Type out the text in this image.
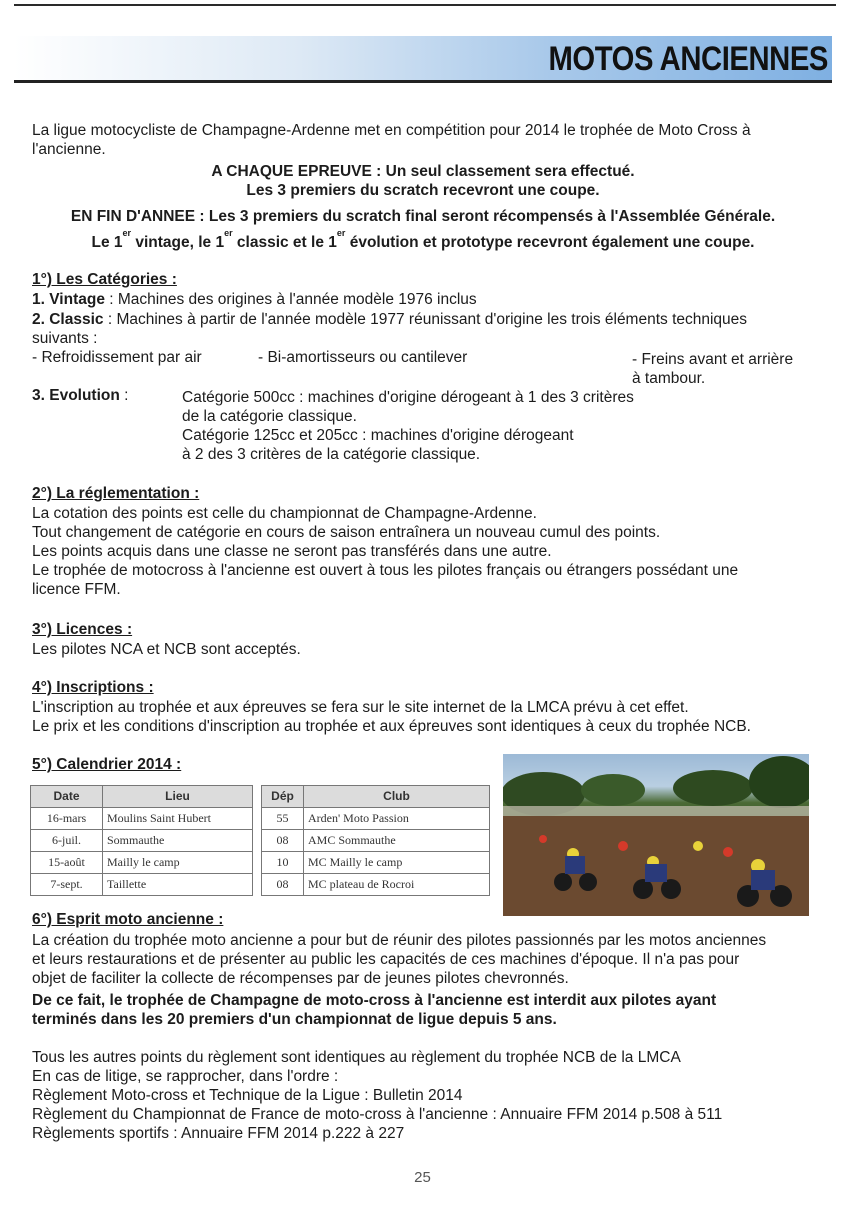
MOTOS ANCIENNES
La ligue motocycliste de Champagne-Ardenne met en compétition pour 2014 le trophée de Moto Cross à
l'ancienne.
A CHAQUE EPREUVE : Un seul classement sera effectué.
Les 3 premiers du scratch recevront une coupe.
EN FIN D'ANNEE : Les 3 premiers du scratch final seront récompensés à l'Assemblée Générale.
Le 1er vintage, le 1er classic et le 1er évolution et prototype recevront également une coupe.
1°) Les Catégories :
1. Vintage : Machines des origines à l'année modèle 1976 inclus
2. Classic : Machines à partir de l'année modèle 1977 réunissant d'origine les trois éléments techniques
suivants :
- Refroidissement par air	- Bi-amortisseurs ou cantilever	- Freins avant et arrière
à tambour.
3. Evolution :	Catégorie 500cc : machines d'origine dérogeant à 1 des 3 critères
de la catégorie classique.
Catégorie 125cc et 205cc : machines d'origine dérogeant
à 2 des 3 critères de la catégorie classique.
2°) La réglementation :
La cotation des points est celle du championnat de Champagne-Ardenne.
Tout changement de catégorie en cours de saison entraînera un nouveau cumul des points.
Les points acquis dans une classe ne seront pas transférés dans une autre.
Le trophée de motocross à l'ancienne est ouvert à tous les pilotes français ou étrangers possédant une
licence FFM.
3°) Licences :
Les pilotes NCA et NCB sont acceptés.
4°) Inscriptions :
L'inscription au trophée et aux épreuves se fera sur le site internet de la LMCA prévu à cet effet.
Le prix et les conditions d'inscription au trophée et aux épreuves sont identiques à ceux du trophée NCB.
5°) Calendrier 2014 :
Date	Lieu		Dép	Club
16-mars	Moulins Saint Hubert		55	Arden' Moto Passion
6-juil.	Sommauthe		08	AMC Sommauthe
15-août	Mailly le camp		10	MC Mailly le camp
7-sept.	Taillette		08	MC plateau de Rocroi
6°) Esprit moto ancienne :
La création du trophée moto ancienne a pour but de réunir des pilotes passionnés par les motos anciennes
et leurs restaurations et de présenter au public les capacités de ces machines d'époque. Il n'a pas pour
objet de faciliter la collecte de récompenses par de jeunes pilotes chevronnés.
De ce fait, le trophée de Champagne de moto-cross à l'ancienne est interdit aux pilotes ayant
terminés dans les 20 premiers d'un championnat de ligue depuis 5 ans.
Tous les autres points du règlement sont identiques au règlement du trophée NCB de la LMCA
En cas de litige, se rapprocher, dans l'ordre :
Règlement Moto-cross et Technique de la Ligue : Bulletin 2014
Règlement du Championnat de France de moto-cross à l'ancienne : Annuaire FFM 2014 p.508 à 511
Règlements sportifs : Annuaire FFM 2014 p.222 à 227
25
